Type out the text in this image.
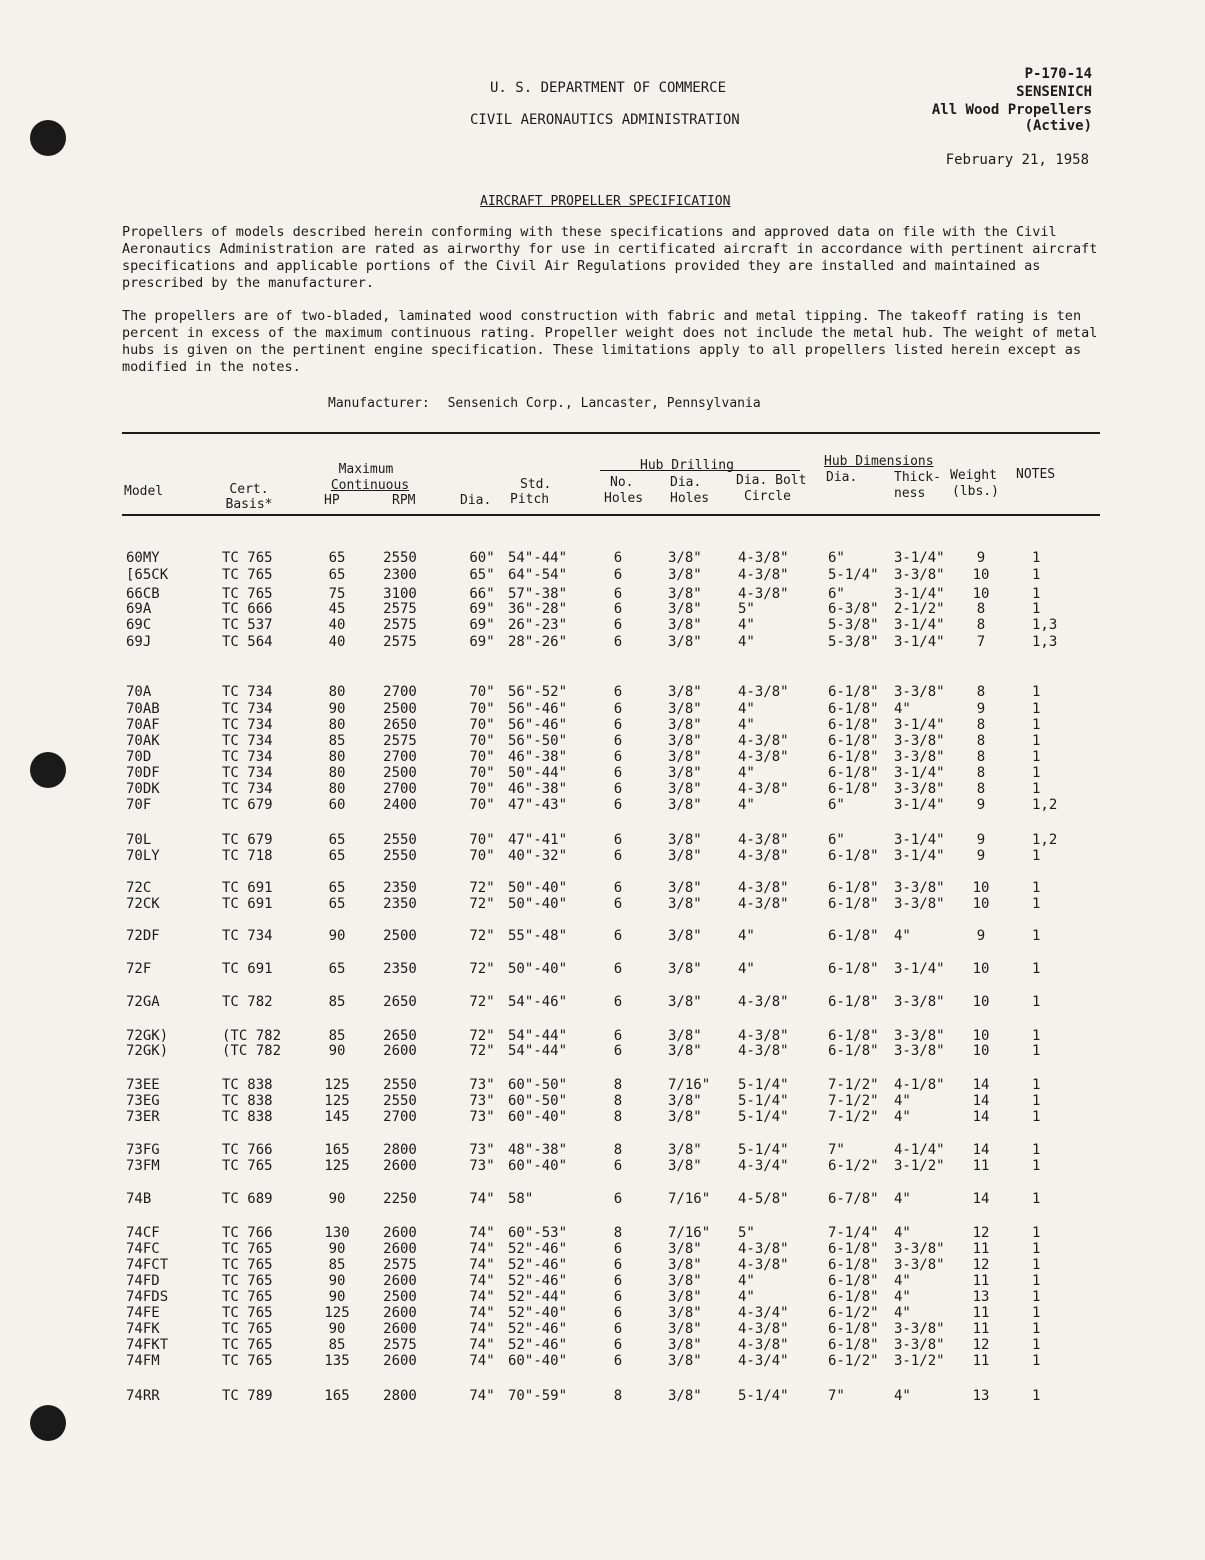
U. S. DEPARTMENT OF COMMERCE
CIVIL AERONAUTICS ADMINISTRATION
P-170-14
SENSENICH
All Wood Propellers
(Active)
February 21, 1958
AIRCRAFT PROPELLER SPECIFICATION
Propellers of models described herein conforming with these specifications and approved data on file with the Civil Aeronautics Administration are rated as airworthy for use in certificated aircraft in accordance with pertinent aircraft specifications and applicable portions of the Civil Air Regulations provided they are installed and maintained as prescribed by the manufacturer.
The propellers are of two-bladed, laminated wood construction with fabric and metal tipping. The takeoff rating is ten percent in excess of the maximum continuous rating. Propeller weight does not include the metal hub. The weight of metal hubs is given on the pertinent engine specification. These limitations apply to all propellers listed herein except as modified in the notes.
Manufacturer: Sensenich Corp., Lancaster, Pennsylvania
Model	Cert.
Basis*
Maximum
Continuous
HP	RPM	Dia.
Std.
Pitch
Hub Drilling
No.
Holes
Dia.
Holes
Dia. Bolt
Circle
Hub Dimensions
Dia.	Thick-
ness
Weight
(lbs.)
NOTES
60MY	TC 765	65	2550	60" 54"-44"	6	3/8"	4-3/8"	6"	3-1/4"	9	1
[65CK	TC 765	65	2300	65" 64"-54"	6	3/8"	4-3/8"	5-1/4" 3-3/8"	10	1
66CB	TC 765	75	3100	66" 57"-38"	6	3/8"	4-3/8"	6"	3-1/4"	10	1
69A	TC 666	45	2575	69" 36"-28"	6	3/8"	5"	6-3/8" 2-1/2"	8	1
69C	TC 537	40	2575	69" 26"-23"	6	3/8"	4"	5-3/8" 3-1/4"	8	1,3
69J	TC 564	40	2575	69" 28"-26"	6	3/8"	4"	5-3/8" 3-1/4"	7	1,3
70A	TC 734	80	2700	70" 56"-52"	6	3/8"	4-3/8"	6-1/8" 3-3/8"	8	1
70AB	TC 734	90	2500	70" 56"-46"	6	3/8"	4"	6-1/8" 4"	9	1
70AF	TC 734	80	2650	70" 56"-46"	6	3/8"	4"	6-1/8" 3-1/4"	8	1
70AK	TC 734	85	2575	70" 56"-50"	6	3/8"	4-3/8"	6-1/8" 3-3/8"	8	1
70D	TC 734	80	2700	70" 46"-38"	6	3/8"	4-3/8"	6-1/8" 3-3/8"	8	1
70DF	TC 734	80	2500	70" 50"-44"	6	3/8"	4"	6-1/8" 3-1/4"	8	1
70DK	TC 734	80	2700	70" 46"-38"	6	3/8"	4-3/8"	6-1/8" 3-3/8"	8	1
70F	TC 679	60	2400	70" 47"-43"	6	3/8"	4"	6"	3-1/4"	9	1,2
70L	TC 679	65	2550	70" 47"-41"	6	3/8"	4-3/8"	6"	3-1/4"	9	1,2
70LY	TC 718	65	2550	70" 40"-32"	6	3/8"	4-3/8"	6-1/8" 3-1/4"	9	1
72C	TC 691	65	2350	72" 50"-40"	6	3/8"	4-3/8"	6-1/8" 3-3/8"	10	1
72CK	TC 691	65	2350	72" 50"-40"	6	3/8"	4-3/8"	6-1/8" 3-3/8"	10	1
72DF	TC 734	90	2500	72" 55"-48"	6	3/8"	4"	6-1/8" 4"	9	1
72F	TC 691	65	2350	72" 50"-40"	6	3/8"	4"	6-1/8" 3-1/4"	10	1
72GA	TC 782	85	2650	72" 54"-46"	6	3/8"	4-3/8"	6-1/8" 3-3/8"	10	1
72GK)	(TC 782	85	2650	72" 54"-44"	6	3/8"	4-3/8"	6-1/8" 3-3/8"	10	1
72GK)	(TC 782	90	2600	72" 54"-44"	6	3/8"	4-3/8"	6-1/8" 3-3/8"	10	1
73EE	TC 838	125 2550	73" 60"-50"	8	7/16" 5-1/4"	7-1/2" 4-1/8"	14	1
73EG	TC 838	125 2550	73" 60"-50"	8	3/8"	5-1/4"	7-1/2" 4"	14	1
73ER	TC 838	145 2700	73" 60"-40"	8	3/8"	5-1/4"	7-1/2" 4"	14	1
73FG	TC 766	165 2800	73" 48"-38"	8	3/8"	5-1/4"	7"	4-1/4"	14	1
73FM	TC 765	125 2600	73" 60"-40"	6	3/8"	4-3/4"	6-1/2" 3-1/2"	11	1
74B	TC 689	90	2250	74" 58"	6	7/16" 4-5/8"	6-7/8" 4"	14	1
74CF	TC 766	130 2600	74" 60"-53"	8	7/16" 5"	7-1/4" 4"	12	1
74FC	TC 765	90	2600	74" 52"-46"	6	3/8"	4-3/8"	6-1/8" 3-3/8"	11	1
74FCT	TC 765	85	2575	74" 52"-46"	6	3/8"	4-3/8"	6-1/8" 3-3/8"	12	1
74FD	TC 765	90	2600	74" 52"-46"	6	3/8"	4"	6-1/8" 4"	11	1
74FDS	TC 765	90	2500	74" 52"-44"	6	3/8"	4"	6-1/8" 4"	13	1
74FE	TC 765	125 2600	74" 52"-40"	6	3/8"	4-3/4"	6-1/2" 4"	11	1
74FK	TC 765	90	2600	74" 52"-46"	6	3/8"	4-3/8"	6-1/8" 3-3/8"	11	1
74FKT	TC 765	85	2575	74" 52"-46"	6	3/8"	4-3/8"	6-1/8" 3-3/8"	12	1
74FM	TC 765	135 2600	74" 60"-40"	6	3/8"	4-3/4"	6-1/2" 3-1/2"	11	1
74RR	TC 789	165 2800	74" 70"-59"	8	3/8"	5-1/4"	7"	4"	13	1
